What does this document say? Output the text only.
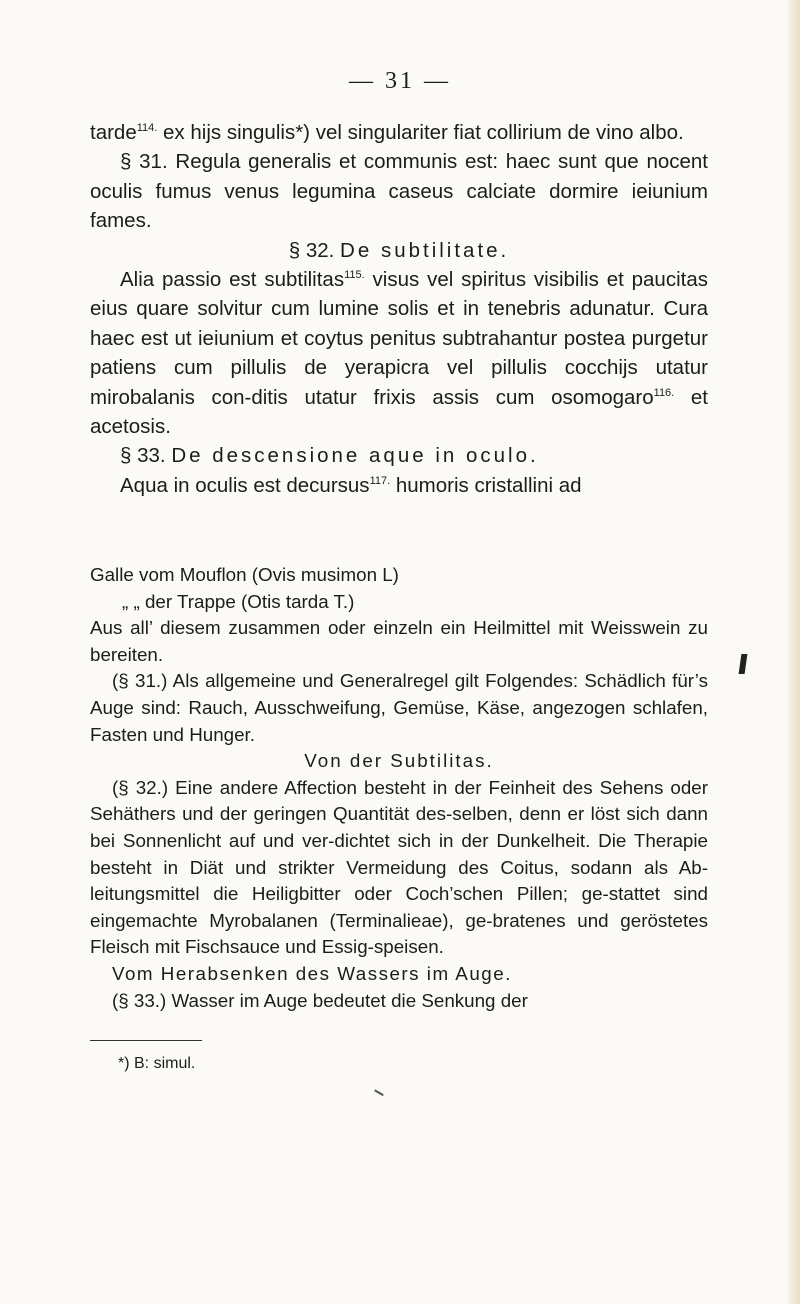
— 31 —
tarde$^{114.}$ ex hijs singulis*) vel singulariter fiat collirium de vino albo.
§ 31. Regula generalis et communis est: haec sunt que nocent oculis fumus venus legumina caseus calciate dormire ieiunium fames.
§ 32. De subtilitate.
Alia passio est subtilitas$^{115.}$ visus vel spiritus visibilis et paucitas eius quare solvitur cum lumine solis et in tenebris adunatur. Cura haec est ut ieiunium et coytus penitus subtrahantur postea purgetur patiens cum pillulis de yerapicra vel pillulis cocchijs utatur mirobalanis con-ditis utatur frixis assis cum osomogaro$^{116.}$ et acetosis.
§ 33. De descensione aque in oculo.
Aqua in oculis est decursus$^{117.}$ humoris cristallini ad
Galle vom Mouflon (Ovis musimon L)
„ „ der Trappe (Otis tarda T.)
Aus all’ diesem zusammen oder einzeln ein Heilmittel mit Weisswein zu bereiten.
(§ 31.) Als allgemeine und Generalregel gilt Folgendes: Schädlich für’s Auge sind: Rauch, Ausschweifung, Gemüse, Käse, angezogen schlafen, Fasten und Hunger.
Von der Subtilitas.
(§ 32.) Eine andere Affection besteht in der Feinheit des Sehens oder Sehäthers und der geringen Quantität des-selben, denn er löst sich dann bei Sonnenlicht auf und ver-dichtet sich in der Dunkelheit. Die Therapie besteht in Diät und strikter Vermeidung des Coitus, sodann als Ab-leitungsmittel die Heiligbitter oder Coch’schen Pillen; ge-stattet sind eingemachte Myrobalanen (Terminalieae), ge-bratenes und geröstetes Fleisch mit Fischsauce und Essig-speisen.
Vom Herabsenken des Wassers im Auge.
(§ 33.) Wasser im Auge bedeutet die Senkung der
*) B: simul.
